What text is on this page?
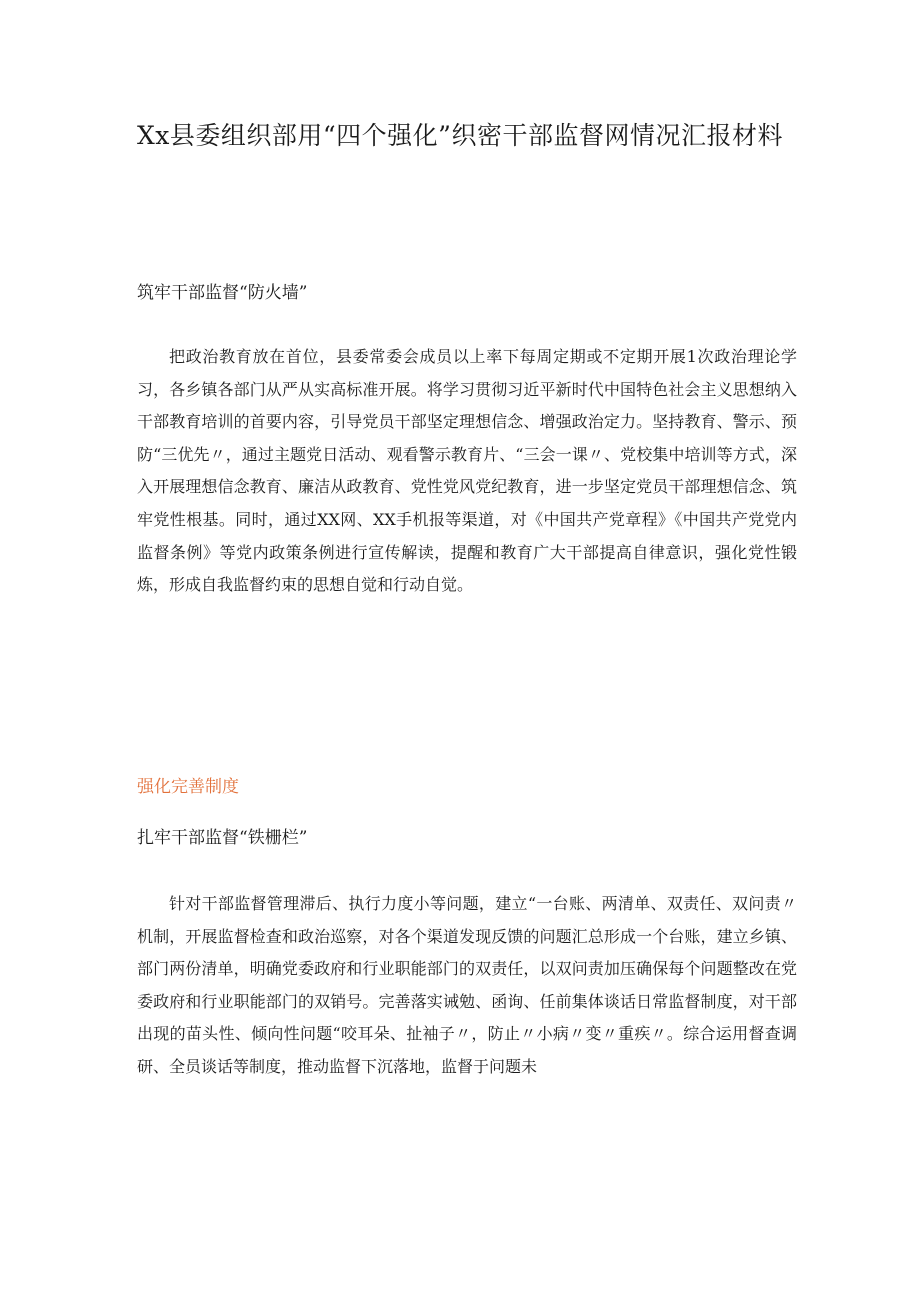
Xx县委组织部用“四个强化”织密干部监督网情况汇报材料
筑牢干部监督“防火墙”

把政治教育放在首位，县委常委会成员以上率下每周定期或不定期开展1次政治理论学习，各乡镇各部门从严从实高标准开展。将学习贯彻习近平新时代中国特色社会主义思想纳入干部教育培训的首要内容，引导党员干部坚定理想信念、增强政治定力。坚持教育、警示、预防“三优先〃，通过主题党日活动、观看警示教育片、“三会一课〃、党校集中培训等方式，深入开展理想信念教育、廉洁从政教育、党性党风党纪教育，进一步坚定党员干部理想信念、筑牢党性根基。同时，通过XX网、XX手机报等渠道，对《中国共产党章程》《中国共产党党内监督条例》等党内政策条例进行宣传解读，提醒和教育广大干部提高自律意识，强化党性锻炼，形成自我监督约束的思想自觉和行动自觉。

强化完善制度
扎牢干部监督“铁栅栏”

针对干部监督管理滞后、执行力度小等问题，建立“一台账、两清单、双责任、双问责〃机制，开展监督检查和政治巡察，对各个渠道发现反馈的问题汇总形成一个台账，建立乡镇、部门两份清单，明确党委政府和行业职能部门的双责任，以双问责加压确保每个问题整改在党委政府和行业职能部门的双销号。完善落实诫勉、函询、任前集体谈话日常监督制度，对干部出现的苗头性、倾向性问题“咬耳朵、扯袖子〃，防止〃小病〃变〃重疾〃。综合运用督查调研、全员谈话等制度，推动监督下沉落地，监督于问题未
